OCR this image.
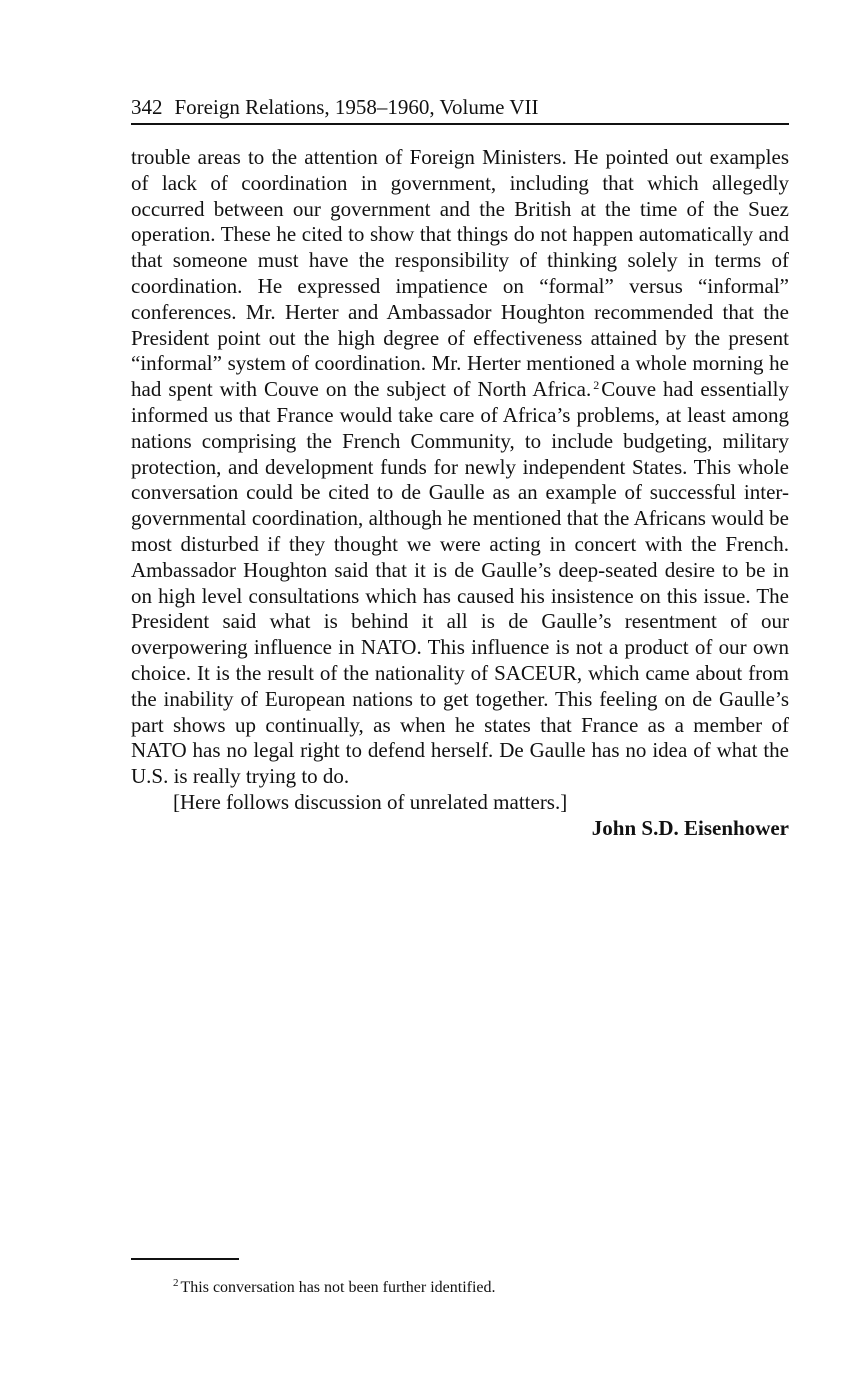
342 Foreign Relations, 1958–1960, Volume VII

trouble areas to the attention of Foreign Ministers. He pointed out examples of lack of coordination in government, including that which allegedly occurred between our government and the British at the time of the Suez operation. These he cited to show that things do not happen automatically and that someone must have the responsibility of thinking solely in terms of coordination. He expressed impatience on “formal” versus “informal” conferences. Mr. Herter and Ambassador Houghton recommended that the President point out the high degree of effectiveness attained by the present “informal” system of coordination. Mr. Herter mentioned a whole morning he had spent with Couve on the subject of North Africa. $^2$Couve had essentially informed us that France would take care of Africa’s problems, at least among nations comprising the French Community, to include budgeting, military protection, and development funds for newly independent States. This whole conversation could be cited to de Gaulle as an example of successful inter-governmental coordination, although he mentioned that the Africans would be most disturbed if they thought we were acting in concert with the French. Ambassador Houghton said that it is de Gaulle’s deep-seated desire to be in on high level consultations which has caused his insistence on this issue. The President said what is behind it all is de Gaulle’s resentment of our overpowering influence in NATO. This influence is not a product of our own choice. It is the result of the nationality of SACEUR, which came about from the inability of European nations to get together. This feeling on de Gaulle’s part shows up continually, as when he states that France as a member of NATO has no legal right to defend herself. De Gaulle has no idea of what the U.S. is really trying to do.

[Here follows discussion of unrelated matters.]

John S.D. Eisenhower

$^2$ This conversation has not been further identified.
